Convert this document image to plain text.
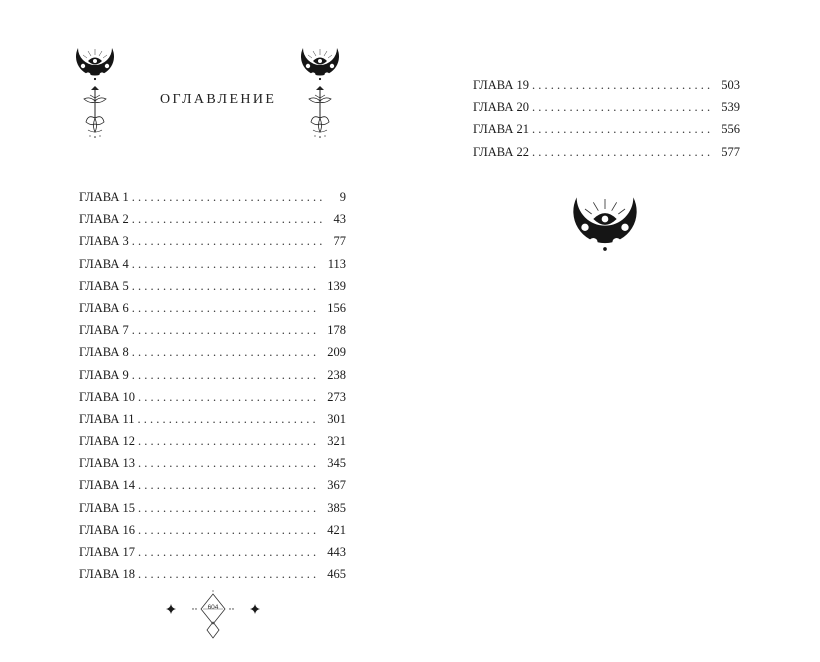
ОГЛАВЛЕНИЕ
ГЛАВА 1 . . .	9
ГЛАВА 2 . . .	43
ГЛАВА 3 . . .	77
ГЛАВА 4 . . .	113
ГЛАВА 5 . . .	139
ГЛАВА 6 . . .	156
ГЛАВА 7 . . .	178
ГЛАВА 8 . . .	209
ГЛАВА 9 . . .	238
ГЛАВА 10 . . .	273
ГЛАВА 11 . . .	301
ГЛАВА 12 . . .	321
ГЛАВА 13 . . .	345
ГЛАВА 14 . . .	367
ГЛАВА 15 . . .	385
ГЛАВА 16 . . .	421
ГЛАВА 17 . . .	443
ГЛАВА 18 . . .	465
604
ГЛАВА 19 . . .	503
ГЛАВА 20 . . .	539
ГЛАВА 21 . . .	556
ГЛАВА 22 . . .	577
